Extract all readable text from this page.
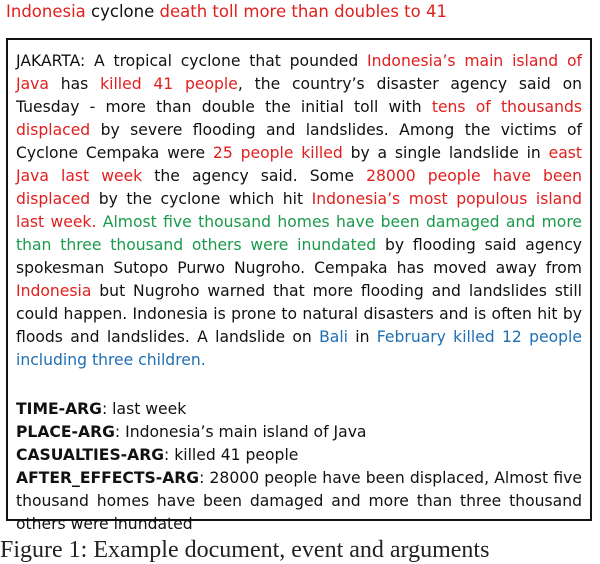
Indonesia cyclone death toll more than doubles to 41

JAKARTA: A tropical cyclone that pounded Indonesia’s main island of Java has killed 41 people, the country’s disaster agency said on Tuesday - more than double the initial toll with tens of thousands displaced by severe flooding and landslides. Among the victims of Cyclone Cempaka were 25 people killed by a single landslide in east Java last week the agency said. Some 28000 people have been displaced by the cyclone which hit Indonesia’s most populous island last week. Almost five thousand homes have been damaged and more than three thousand others were inundated by flooding said agency spokesman Sutopo Purwo Nugroho. Cempaka has moved away from Indonesia but Nugroho warned that more flooding and landslides still could happen. Indonesia is prone to natural disasters and is often hit by floods and landslides. A landslide on Bali in February killed 12 people including three children.

TIME-ARG: last week

PLACE-ARG: Indonesia’s main island of Java

CASUALTIES-ARG: killed 41 people

AFTER_EFFECTS-ARG: 28000 people have been displaced, Almost five thousand homes have been damaged and more than three thousand others were inundated

Figure 1: Example document, event and arguments
